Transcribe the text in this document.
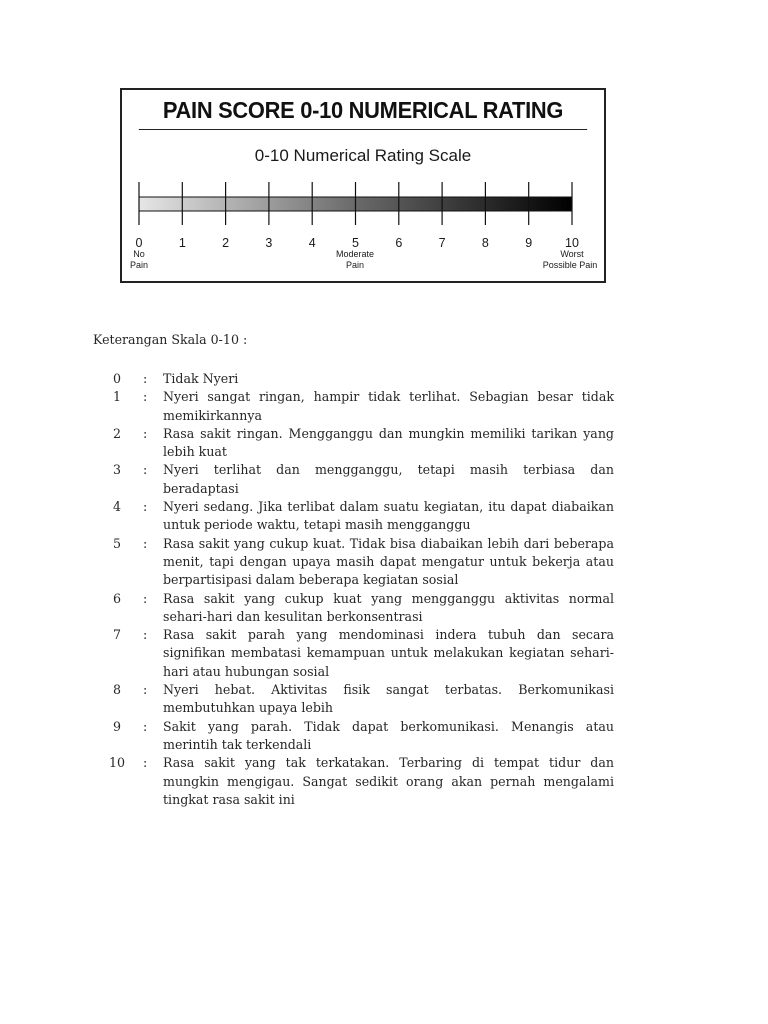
PAIN SCORE 0-10 NUMERICAL RATING
0-10 Numerical Rating Scale
0	1	2	3	4	5	6	7	8	9	10
No
Pain
Moderate
Pain
Worst
Possible Pain
Keterangan Skala 0-10 :
0	:	Tidak Nyeri
1	:	Nyeri sangat ringan, hampir tidak terlihat. Sebagian besar tidak memikirkannya
2	:	Rasa sakit ringan. Mengganggu dan mungkin memiliki tarikan yang lebih kuat
3	:	Nyeri terlihat dan mengganggu, tetapi masih terbiasa dan beradaptasi
4	:	Nyeri sedang. Jika terlibat dalam suatu kegiatan, itu dapat diabaikan untuk periode waktu, tetapi masih mengganggu
5	:	Rasa sakit yang cukup kuat. Tidak bisa diabaikan lebih dari beberapa menit, tapi dengan upaya masih dapat mengatur untuk bekerja atau berpartisipasi dalam beberapa kegiatan sosial
6	:	Rasa sakit yang cukup kuat yang mengganggu aktivitas normal sehari-hari dan kesulitan berkonsentrasi
7	:	Rasa sakit parah yang mendominasi indera tubuh dan secara signifikan membatasi kemampuan untuk melakukan kegiatan sehari-hari atau hubungan sosial
8	:	Nyeri hebat. Aktivitas fisik sangat terbatas. Berkomunikasi membutuhkan upaya lebih
9	:	Sakit yang parah. Tidak dapat berkomunikasi. Menangis atau merintih tak terkendali
10	:	Rasa sakit yang tak terkatakan. Terbaring di tempat tidur dan mungkin mengigau. Sangat sedikit orang akan pernah mengalami tingkat rasa sakit ini
